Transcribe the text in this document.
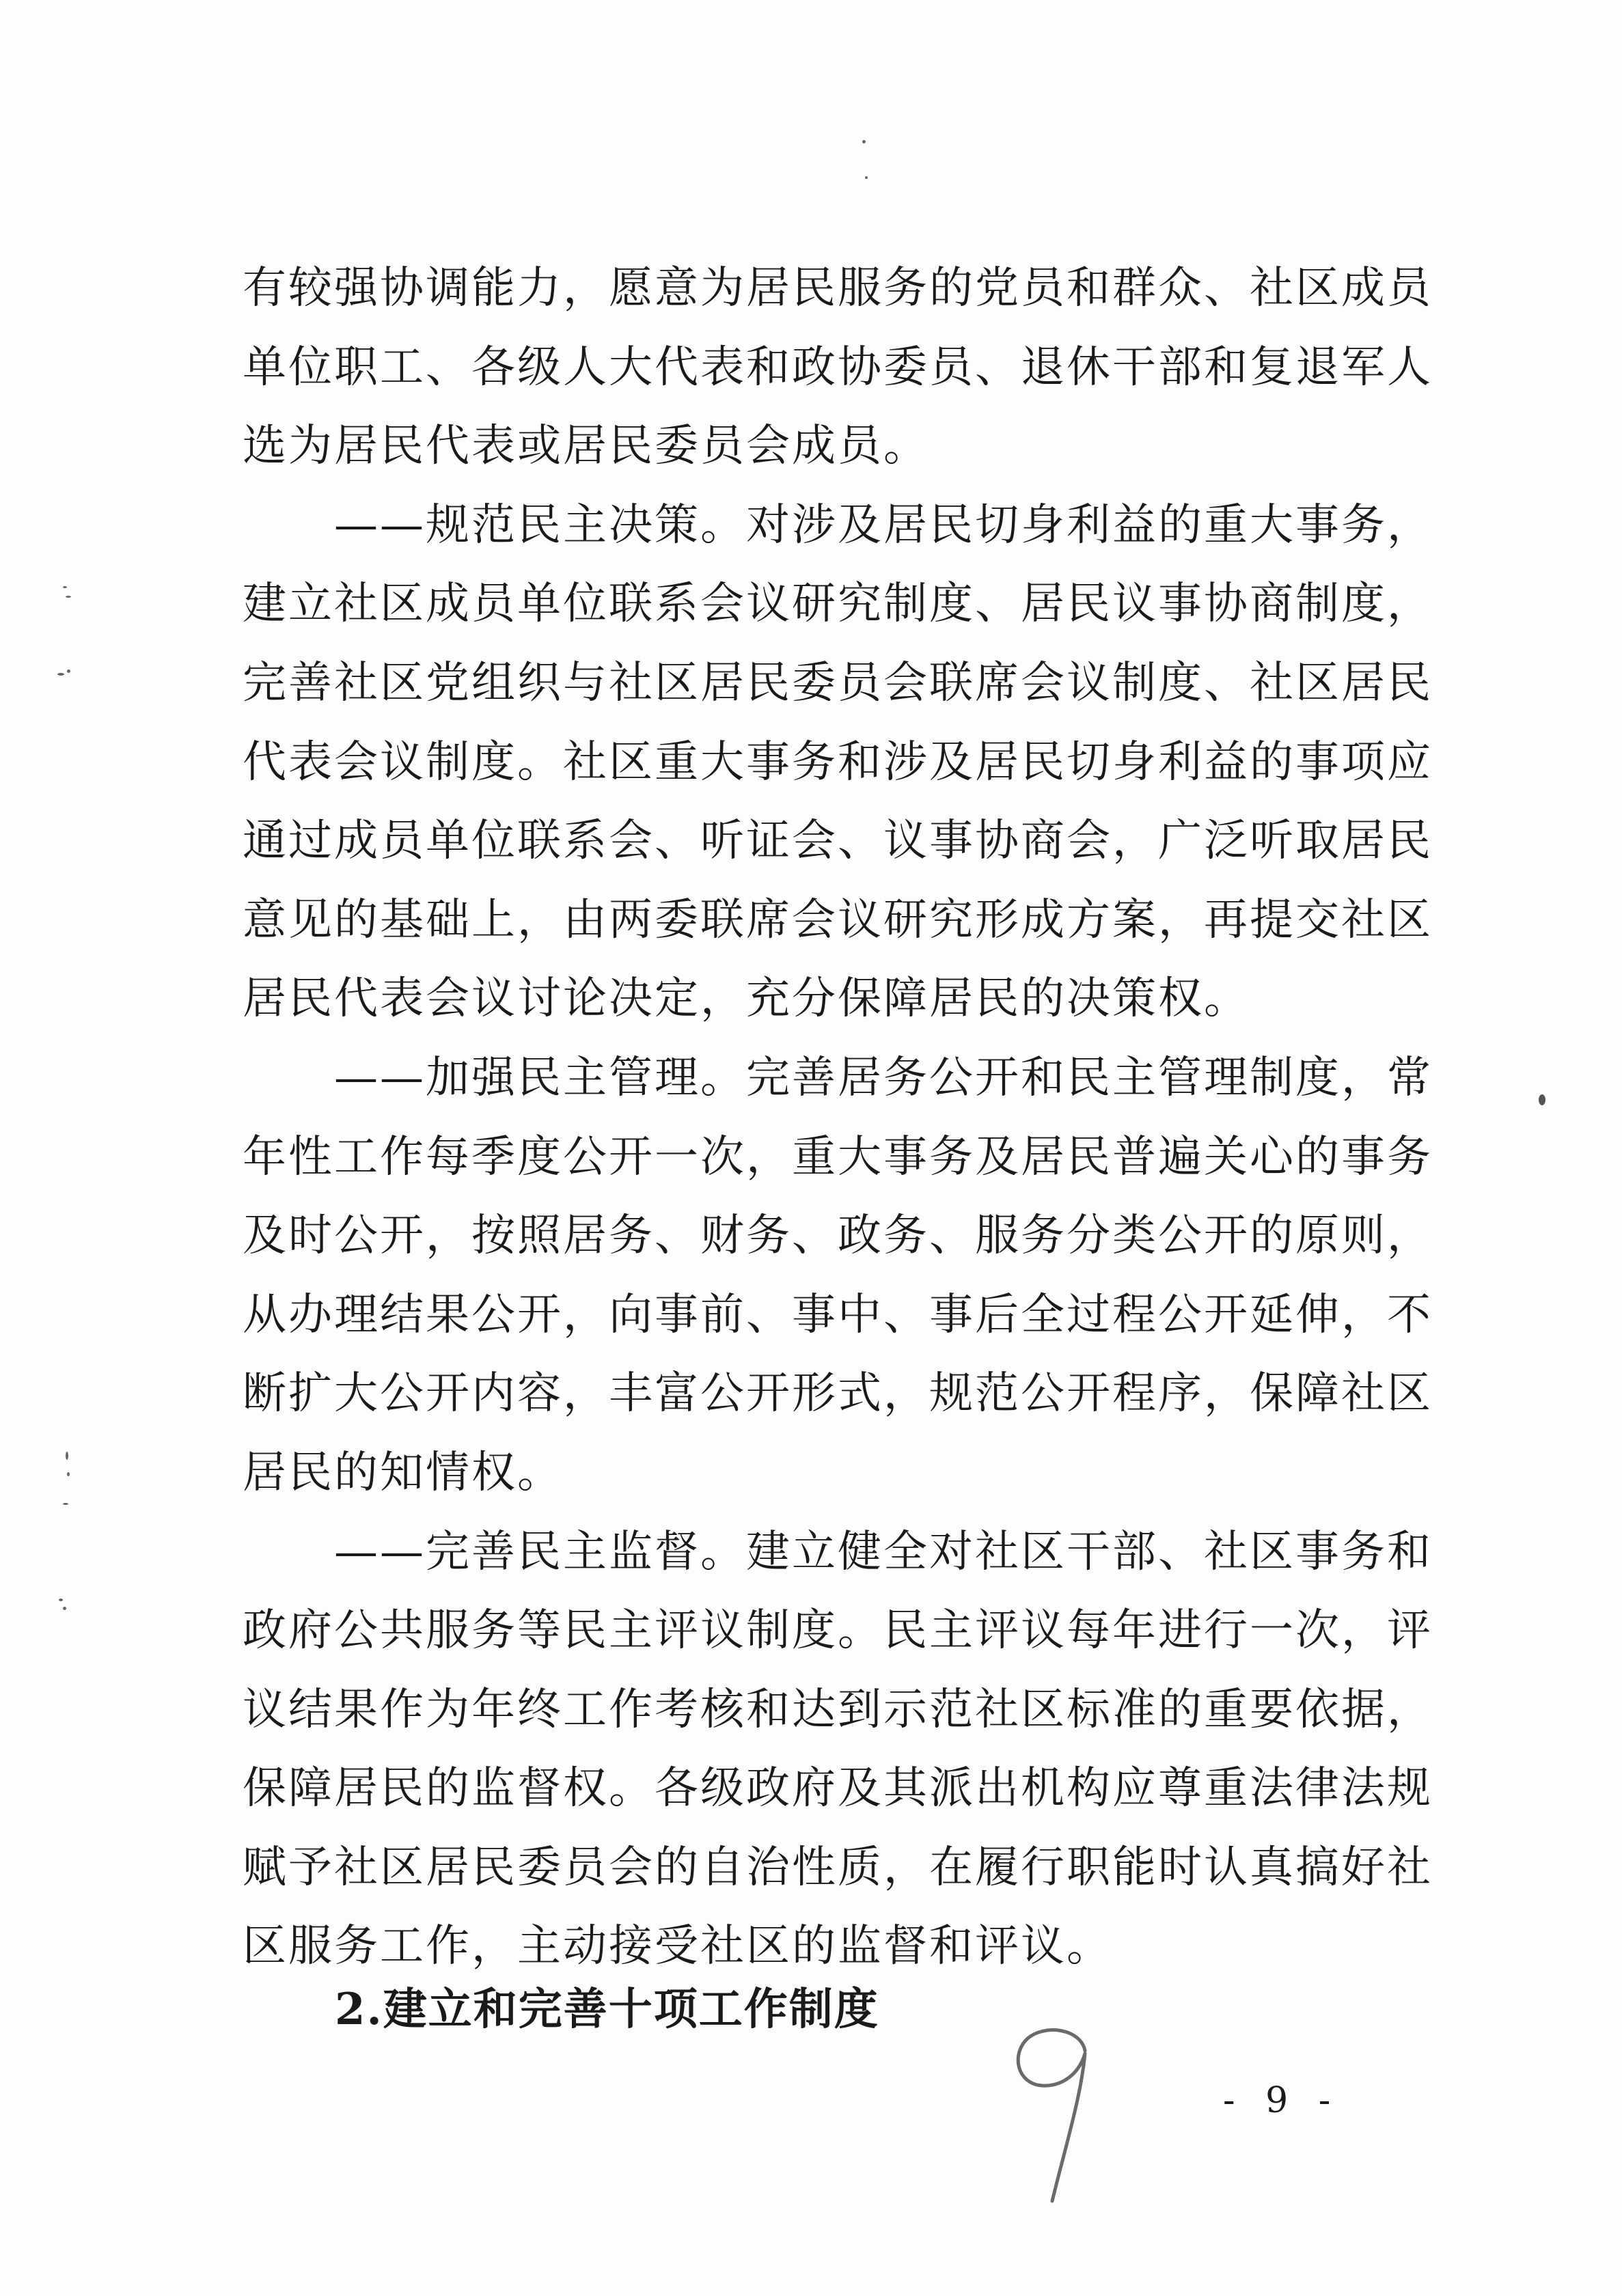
有较强协调能力，愿意为居民服务的党员和群众、社区成员
单位职工、各级人大代表和政协委员、退休干部和复退军人
选为居民代表或居民委员会成员。
　　——规范民主决策。对涉及居民切身利益的重大事务，
建立社区成员单位联系会议研究制度、居民议事协商制度，
完善社区党组织与社区居民委员会联席会议制度、社区居民
代表会议制度。社区重大事务和涉及居民切身利益的事项应
通过成员单位联系会、听证会、议事协商会，广泛听取居民
意见的基础上，由两委联席会议研究形成方案，再提交社区
居民代表会议讨论决定，充分保障居民的决策权。
　　——加强民主管理。完善居务公开和民主管理制度，常
年性工作每季度公开一次，重大事务及居民普遍关心的事务
及时公开，按照居务、财务、政务、服务分类公开的原则，
从办理结果公开，向事前、事中、事后全过程公开延伸，不
断扩大公开内容，丰富公开形式，规范公开程序，保障社区
居民的知情权。
　　——完善民主监督。建立健全对社区干部、社区事务和
政府公共服务等民主评议制度。民主评议每年进行一次，评
议结果作为年终工作考核和达到示范社区标准的重要依据，
保障居民的监督权。各级政府及其派出机构应尊重法律法规
赋予社区居民委员会的自治性质，在履行职能时认真搞好社
区服务工作，主动接受社区的监督和评议。
2.建立和完善十项工作制度
- 9 -
